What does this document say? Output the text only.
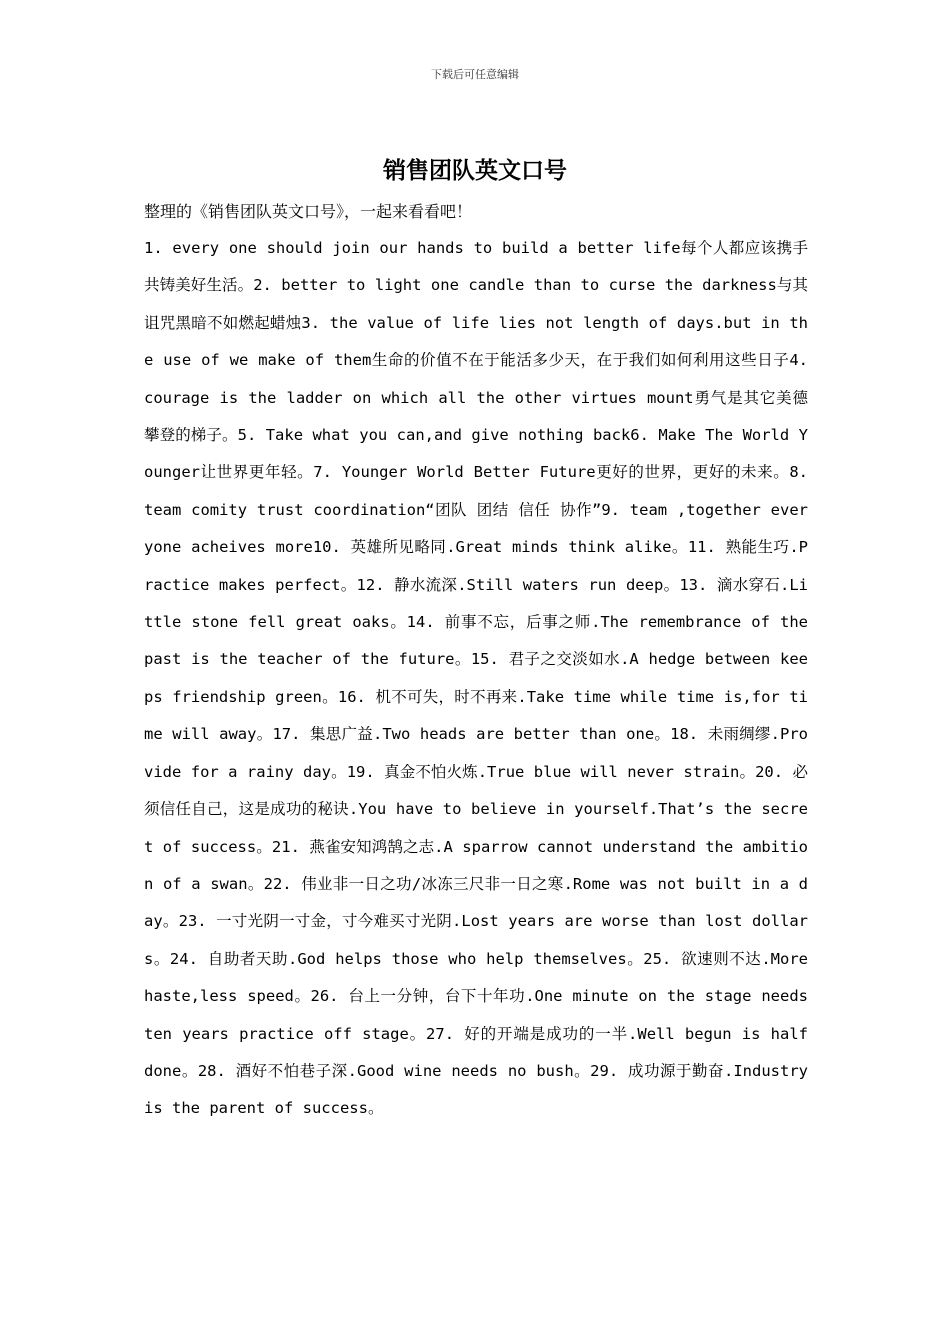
下载后可任意编辑
销售团队英文口号
整理的《销售团队英文口号》，一起来看看吧！
1. every one should join our hands to build a better life每个人都应该携手共铸美好生活。2. better to light one candle than to curse the darkness与其诅咒黑暗不如燃起蜡烛3. the value of life lies not length of days.but in the use of we make of them生命的价值不在于能活多少天，在于我们如何利用这些日子4. courage is the ladder on which all the other virtues mount勇气是其它美德攀登的梯子。5. Take what you can,and give nothing back6. Make The World Younger让世界更年轻。7. Younger World Better Future更好的世界，更好的未来。8. team comity trust coordination“团队 团结 信任 协作”9. team ,together everyone acheives more10. 英雄所见略同.Great minds think alike。11. 熟能生巧.Practice makes perfect。12. 静水流深.Still waters run deep。13. 滴水穿石.Little stone fell great oaks。14. 前事不忘，后事之师.The remembrance of the past is the teacher of the future。15. 君子之交淡如水.A hedge between keeps friendship green。16. 机不可失，时不再来.Take time while time is,for time will away。17. 集思广益.Two heads are better than one。18. 未雨绸缪.Provide for a rainy day。19. 真金不怕火炼.True blue will never strain。20. 必须信任自己，这是成功的秘诀.You have to believe in yourself.That’s the secret of success。21. 燕雀安知鸿鹄之志.A sparrow cannot understand the ambition of a swan。22. 伟业非一日之功/冰冻三尺非一日之寒.Rome was not built in a day。23. 一寸光阴一寸金，寸今难买寸光阴.Lost years are worse than lost dollars。24. 自助者天助.God helps those who help themselves。25. 欲速则不达.More haste,less speed。26. 台上一分钟，台下十年功.One minute on the stage needs ten years practice off stage。27. 好的开端是成功的一半.Well begun is half done。28. 酒好不怕巷子深.Good wine needs no bush。29. 成功源于勤奋.Industry is the parent of success。
